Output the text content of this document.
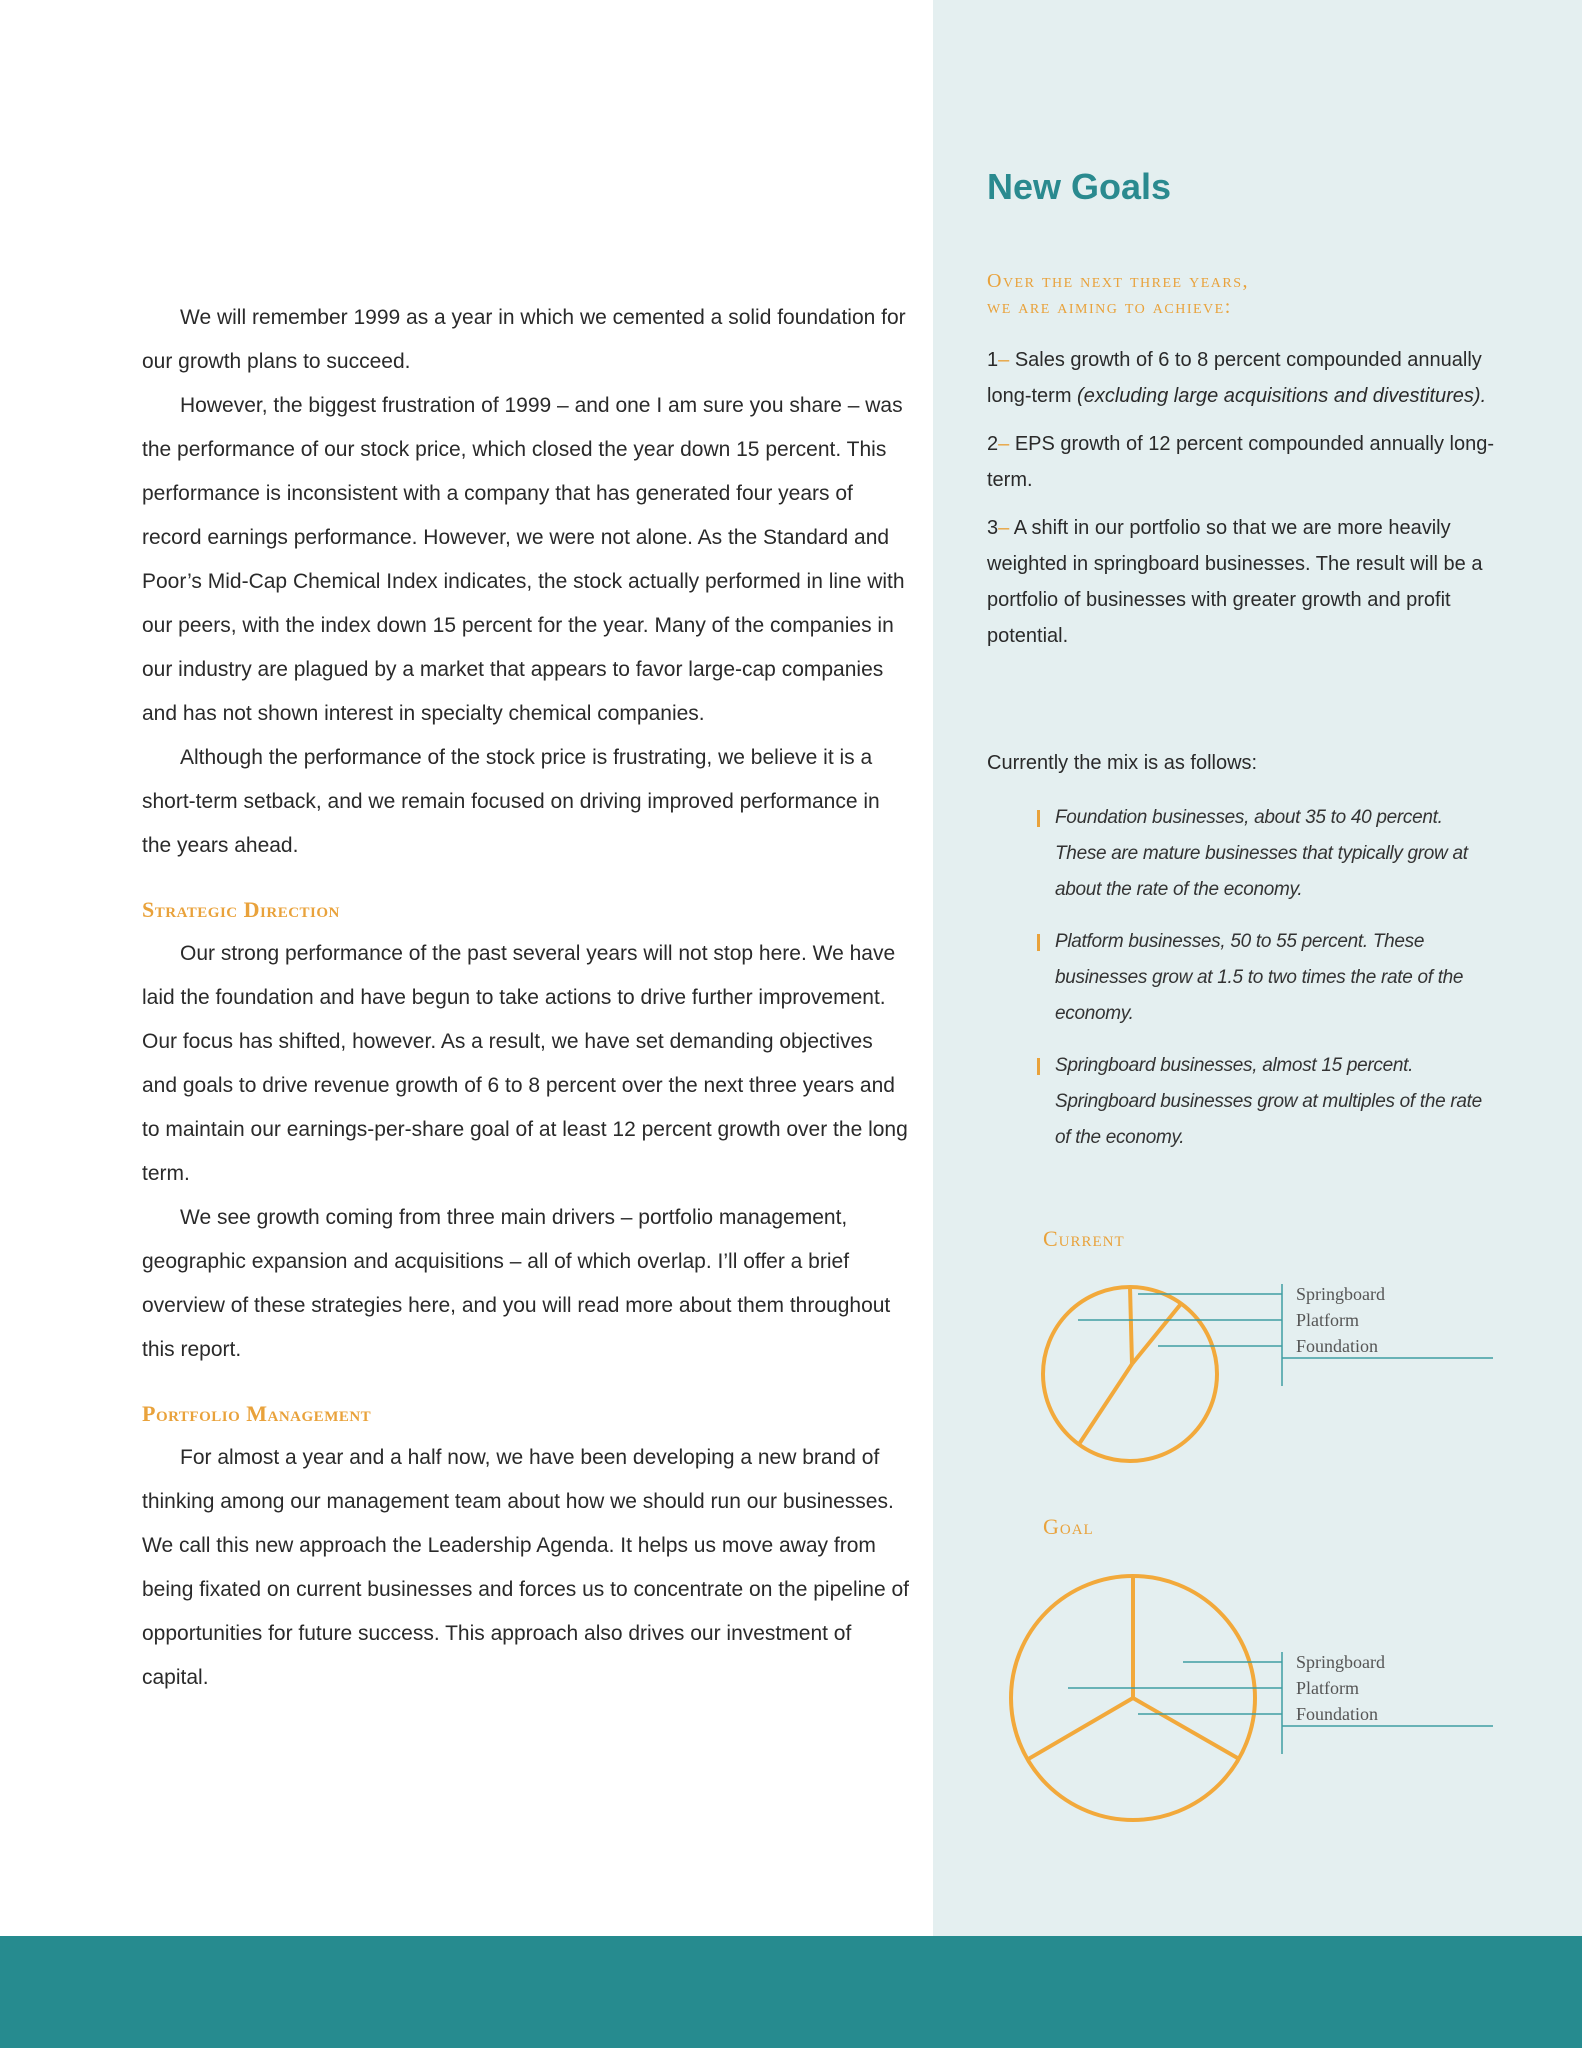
We will remember 1999 as a year in which we cemented a solid foundation for our growth plans to succeed.

However, the biggest frustration of 1999 – and one I am sure you share – was the performance of our stock price, which closed the year down 15 percent. This performance is inconsistent with a company that has generated four years of record earnings performance. However, we were not alone. As the Standard and Poor’s Mid-Cap Chemical Index indicates, the stock actually performed in line with our peers, with the index down 15 percent for the year. Many of the companies in our industry are plagued by a market that appears to favor large-cap companies and has not shown interest in specialty chemical companies.

Although the performance of the stock price is frustrating, we believe it is a short-term setback, and we remain focused on driving improved performance in the years ahead.

Strategic Direction

Our strong performance of the past several years will not stop here. We have laid the foundation and have begun to take actions to drive further improvement. Our focus has shifted, however. As a result, we have set demanding objectives and goals to drive revenue growth of 6 to 8 percent over the next three years and to maintain our earnings-per-share goal of at least 12 percent growth over the long term.

We see growth coming from three main drivers – portfolio management, geographic expansion and acquisitions – all of which overlap. I’ll offer a brief overview of these strategies here, and you will read more about them throughout this report.

Portfolio Management

For almost a year and a half now, we have been developing a new brand of thinking among our management team about how we should run our businesses. We call this new approach the Leadership Agenda. It helps us move away from being fixated on current businesses and forces us to concentrate on the pipeline of opportunities for future success. This approach also drives our investment of capital.

New Goals
Over the next three years,
we are aiming to achieve:

1– Sales growth of 6 to 8 percent compounded annually long-term (excluding large acquisitions and divestitures).

2– EPS growth of 12 percent compounded annually long-term.

3– A shift in our portfolio so that we are more heavily weighted in springboard businesses. The result will be a portfolio of businesses with greater growth and profit potential.

Currently the mix is as follows:

Foundation businesses, about 35 to 40 percent. These are mature businesses that typically grow at about the rate of the economy.
Platform businesses, 50 to 55 percent. These businesses grow at 1.5 to two times the rate of the economy.
Springboard businesses, almost 15 percent. Springboard businesses grow at multiples of the rate of the economy.
Current
Goal
Springboard
Platform
Foundation
Springboard
Platform
Foundation
